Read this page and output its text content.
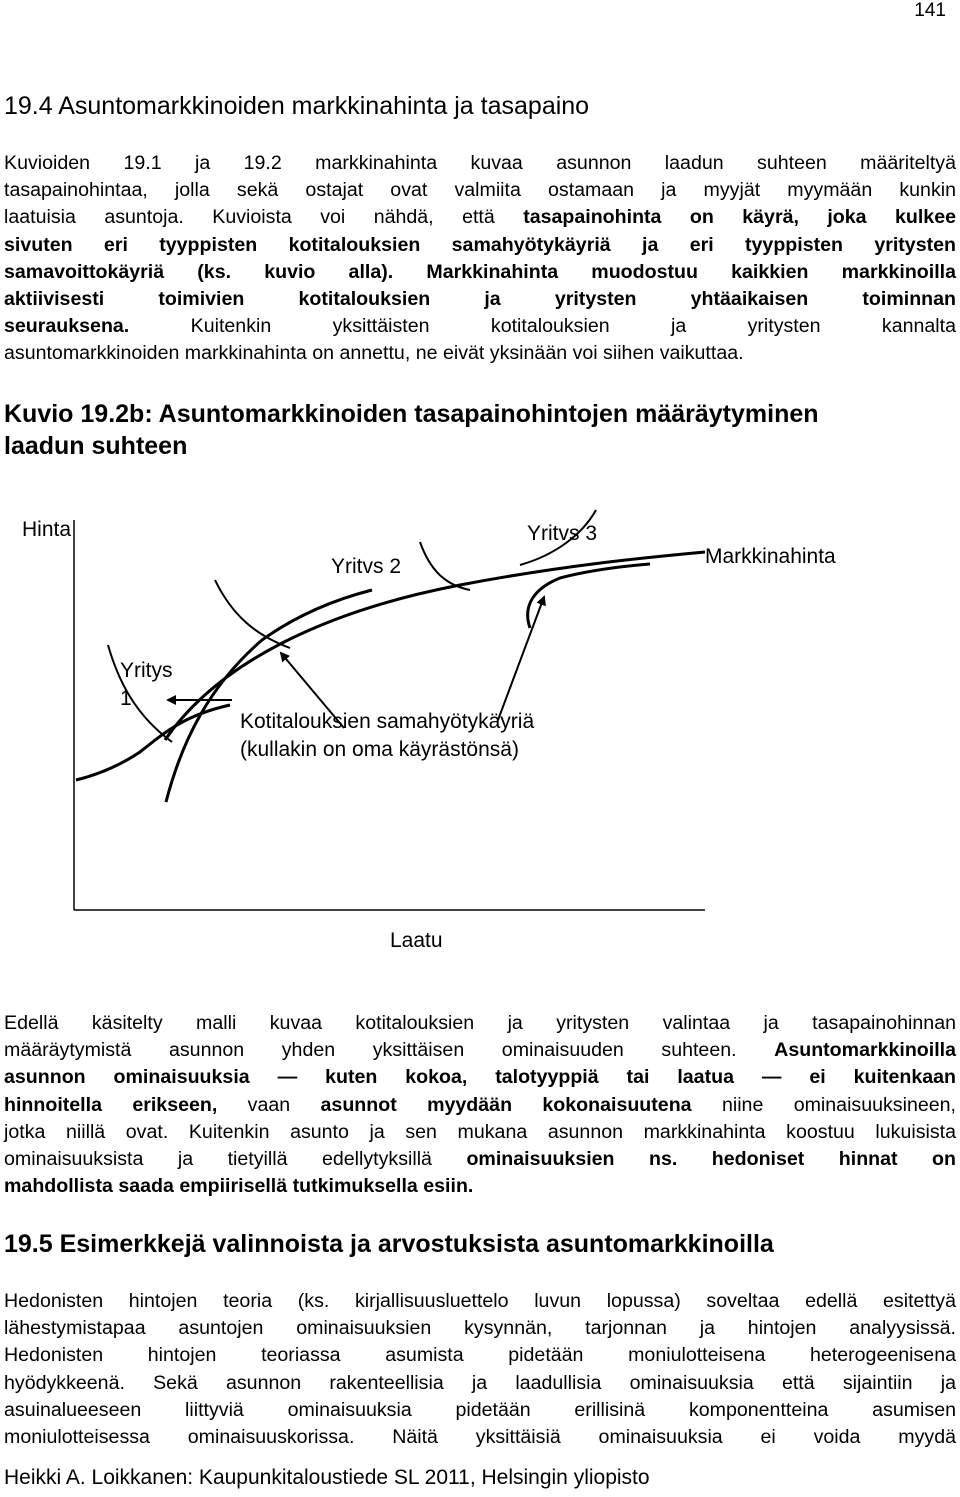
141
19.4 Asuntomarkkinoiden markkinahinta ja tasapaino
Kuvioiden 19.1 ja 19.2 markkinahinta kuvaa asunnon laadun suhteen määriteltyä
tasapainohintaa, jolla sekä ostajat ovat valmiita ostamaan ja myyjät myymään kunkin
laatuisia asuntoja. Kuvioista voi nähdä, että tasapainohinta on käyrä, joka kulkee
sivuten eri tyyppisten kotitalouksien samahyötykäyriä ja eri tyyppisten yritysten
samavoittokäyriä (ks. kuvio alla). Markkinahinta muodostuu kaikkien markkinoilla
aktiivisesti toimivien kotitalouksien ja yritysten yhtäaikaisen toiminnan
seurauksena. Kuitenkin yksittäisten kotitalouksien ja yritysten kannalta
asuntomarkkinoiden markkinahinta on annettu, ne eivät yksinään voi siihen vaikuttaa.
Kuvio 19.2b: Asuntomarkkinoiden tasapainohintojen määräytyminen
laadun suhteen
Hinta	Yritvs 3
Yritvs 2	Markkinahinta
Yritys
1
Kotitalouksien samahyötykäyriä
(kullakin on oma käyrästönsä)
Laatu
Edellä käsitelty malli kuvaa kotitalouksien ja yritysten valintaa ja tasapainohinnan
määräytymistä asunnon yhden yksittäisen ominaisuuden suhteen. Asuntomarkkinoilla
asunnon ominaisuuksia — kuten kokoa, talotyyppiä tai laatua — ei kuitenkaan
hinnoitella erikseen, vaan asunnot myydään kokonaisuutena niine ominaisuuksineen,
jotka niillä ovat. Kuitenkin asunto ja sen mukana asunnon markkinahinta koostuu lukuisista
ominaisuuksista ja tietyillä edellytyksillä ominaisuuksien ns. hedoniset hinnat on
mahdollista saada empiirisellä tutkimuksella esiin.
19.5 Esimerkkejä valinnoista ja arvostuksista asuntomarkkinoilla
Hedonisten hintojen teoria (ks. kirjallisuusluettelo luvun lopussa) soveltaa edellä esitettyä
lähestymistapaa asuntojen ominaisuuksien kysynnän, tarjonnan ja hintojen analyysissä.
Hedonisten hintojen teoriassa asumista pidetään moniulotteisena heterogeenisena
hyödykkeenä. Sekä asunnon rakenteellisia ja laadullisia ominaisuuksia että sijaintiin ja
asuinalueeseen liittyviä ominaisuuksia pidetään erillisinä komponentteina asumisen
moniulotteisessa ominaisuuskorissa. Näitä yksittäisiä ominaisuuksia ei voida myydä
Heikki A. Loikkanen: Kaupunkitaloustiede SL 2011, Helsingin yliopisto
